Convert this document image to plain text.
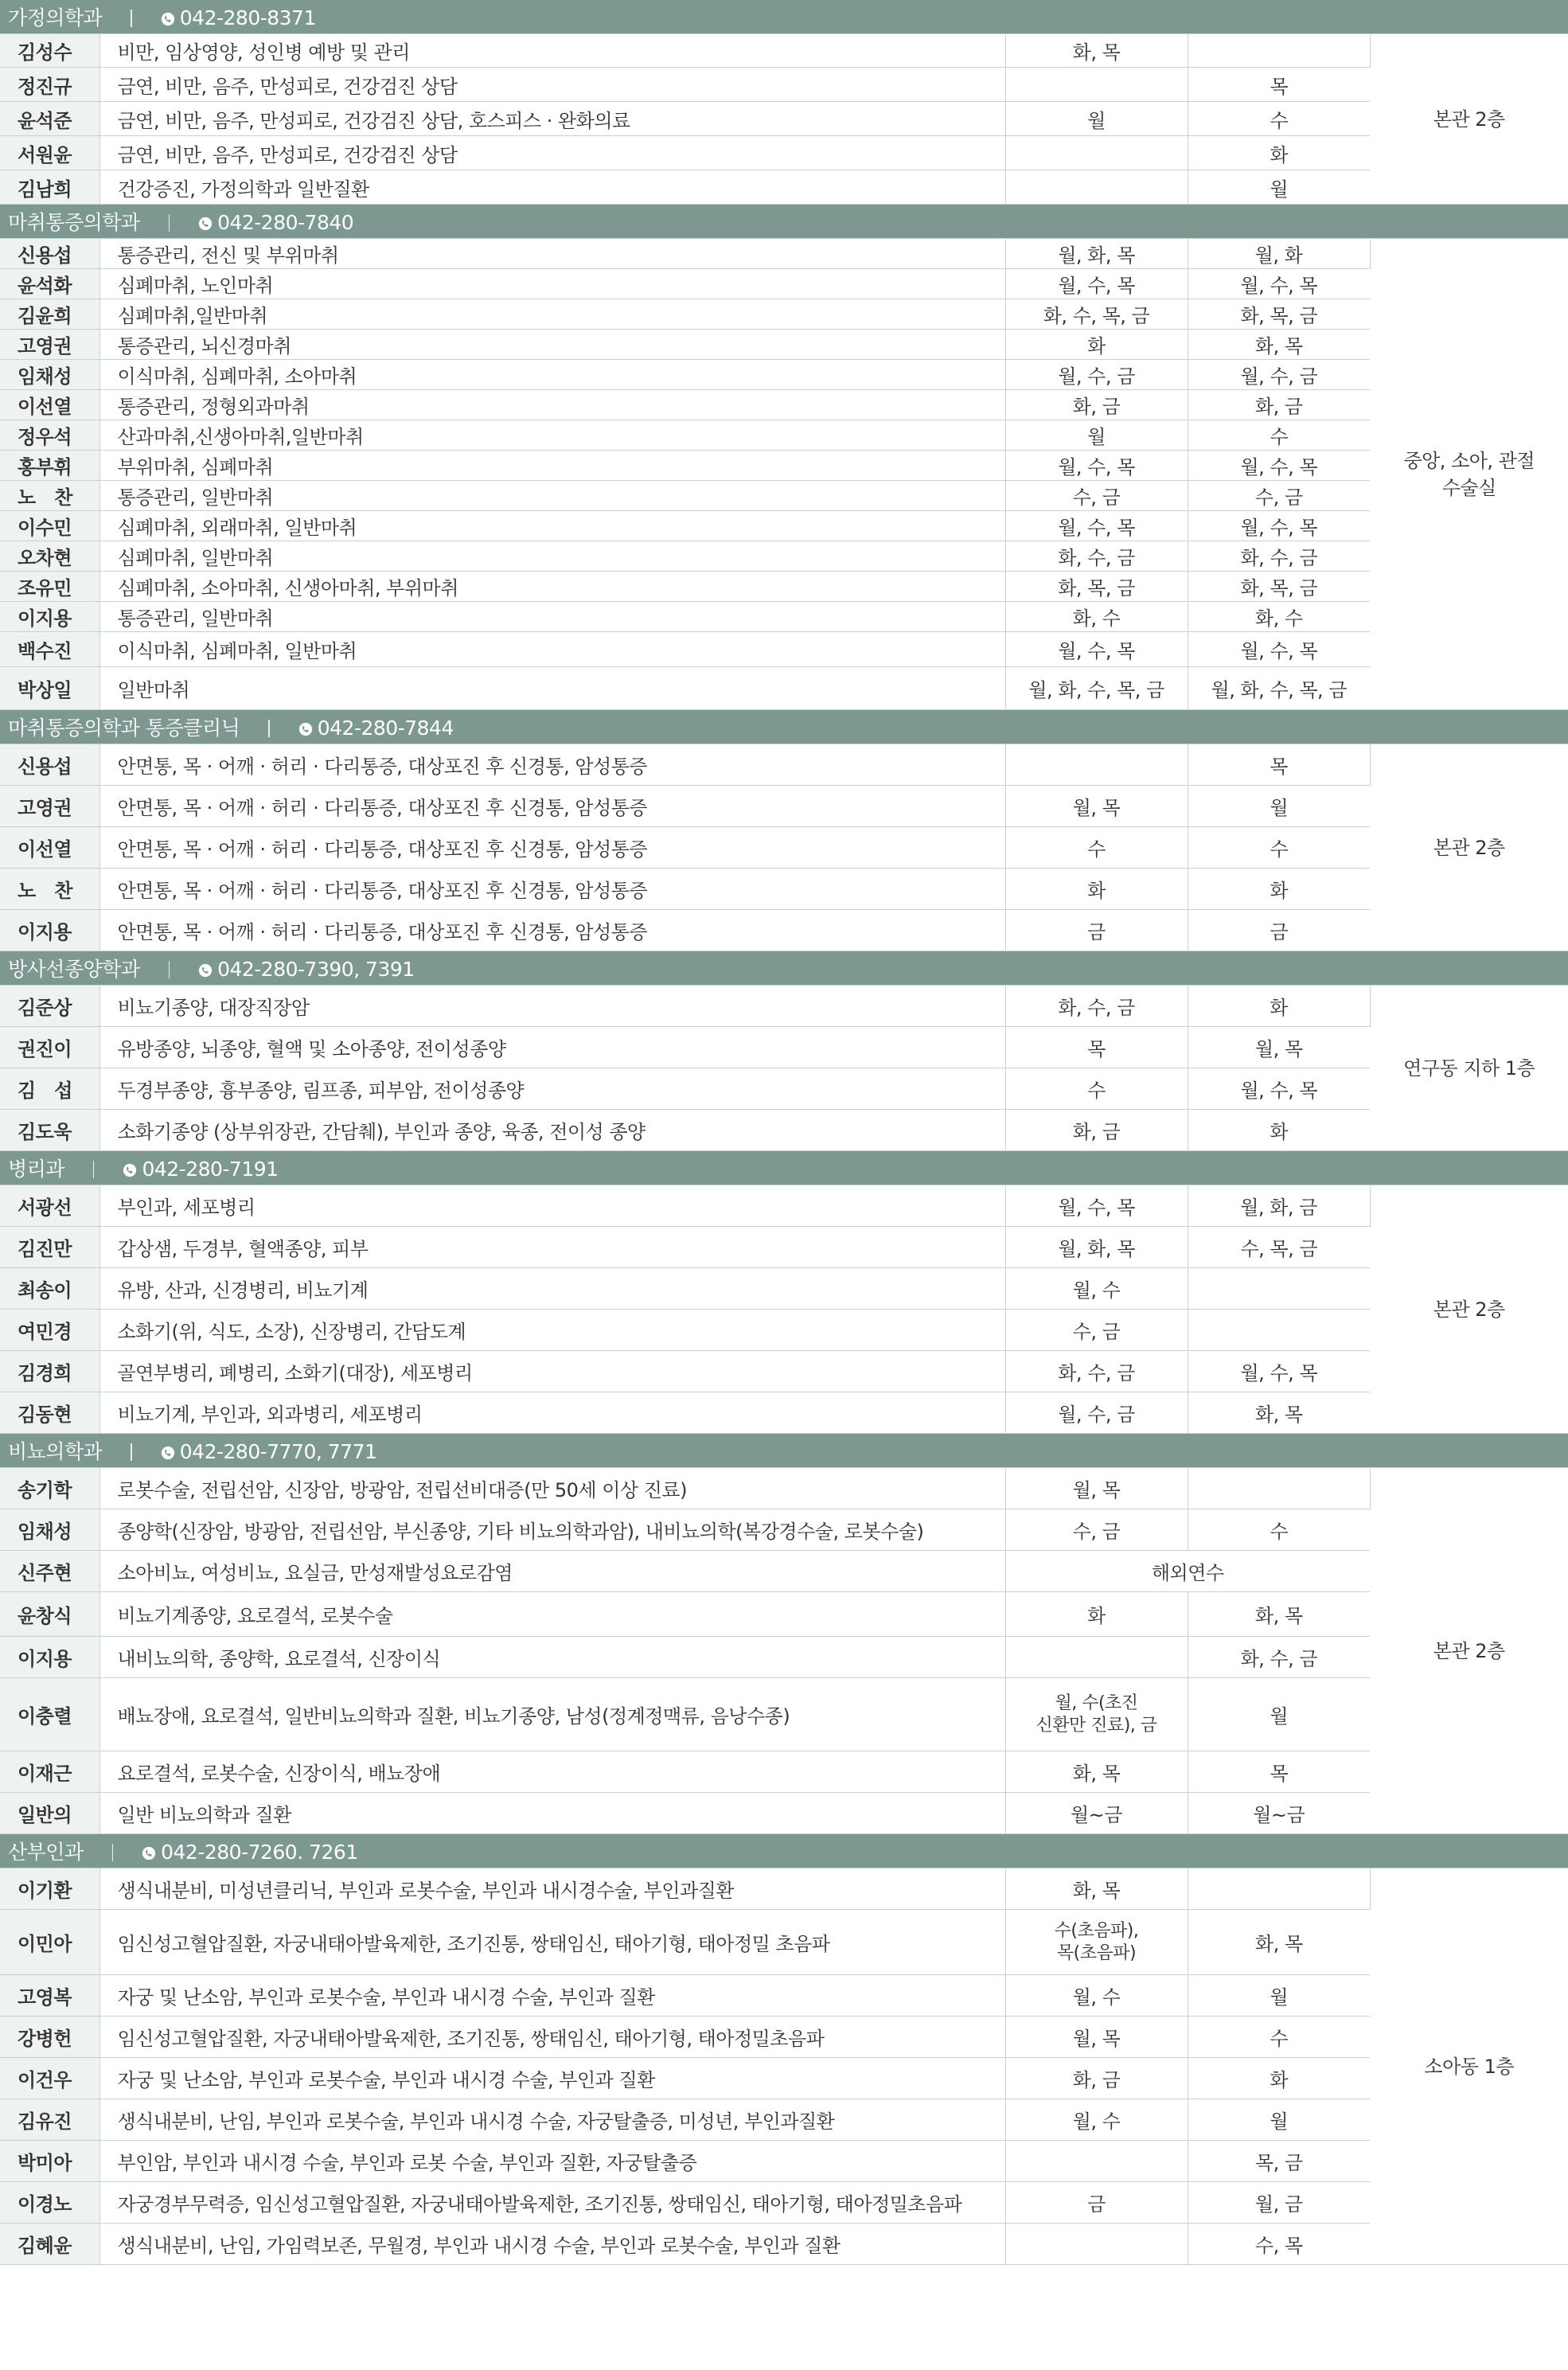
가정의학과 042-280-8371				
김성수	비만, 임상영양, 성인병 예방 및 관리	화, 목		본관 2층
정진규	금연, 비만, 음주, 만성피로, 건강검진 상담		목	
윤석준	금연, 비만, 음주, 만성피로, 건강검진 상담, 호스피스 · 완화의료	월	수	
서원윤	금연, 비만, 음주, 만성피로, 건강검진 상담		화	
김남희	건강증진, 가정의학과 일반질환		월	
마취통증의학과 042-280-7840				
신용섭	통증관리, 전신 및 부위마취	월, 화, 목	월, 화	중앙, 소아, 관절 수술실
윤석화	심폐마취, 노인마취	월, 수, 목	월, 수, 목	
김윤희	심폐마취,일반마취	화, 수, 목, 금	화, 목, 금	
고영권	통증관리, 뇌신경마취	화	화, 목	
임채성	이식마취, 심폐마취, 소아마취	월, 수, 금	월, 수, 금	
이선열	통증관리, 정형외과마취	화, 금	화, 금	
정우석	산과마취,신생아마취,일반마취	월	수	
홍부휘	부위마취, 심폐마취	월, 수, 목	월, 수, 목	
노   찬	통증관리, 일반마취	수, 금	수, 금	
이수민	심폐마취, 외래마취, 일반마취	월, 수, 목	월, 수, 목	
오차현	심폐마취, 일반마취	화, 수, 금	화, 수, 금	
조유민	심폐마취, 소아마취, 신생아마취, 부위마취	화, 목, 금	화, 목, 금	
이지용	통증관리, 일반마취	화, 수	화, 수	
백수진	이식마취, 심폐마취, 일반마취	월, 수, 목	월, 수, 목	
박상일	일반마취	월, 화, 수, 목, 금	월, 화, 수, 목, 금	
마취통증의학과 통증클리닉 042-280-7844				
신용섭	안면통, 목 · 어깨 · 허리 · 다리통증, 대상포진 후 신경통, 암성통증		목	본관 2층
고영권	안면통, 목 · 어깨 · 허리 · 다리통증, 대상포진 후 신경통, 암성통증	월, 목	월	
이선열	안면통, 목 · 어깨 · 허리 · 다리통증, 대상포진 후 신경통, 암성통증	수	수	
노   찬	안면통, 목 · 어깨 · 허리 · 다리통증, 대상포진 후 신경통, 암성통증	화	화	
이지용	안면통, 목 · 어깨 · 허리 · 다리통증, 대상포진 후 신경통, 암성통증	금	금	
방사선종양학과 042-280-7390, 7391				
김준상	비뇨기종양, 대장직장암	화, 수, 금	화	연구동 지하 1층
권진이	유방종양, 뇌종양, 혈액 및 소아종양, 전이성종양	목	월, 목	
김   섭	두경부종양, 흉부종양, 림프종, 피부암, 전이성종양	수	월, 수, 목	
김도욱	소화기종양 (상부위장관, 간담췌), 부인과 종양, 육종, 전이성 종양	화, 금	화	
병리과 042-280-7191				
서광선	부인과, 세포병리	월, 수, 목	월, 화, 금	본관 2층
김진만	갑상샘, 두경부, 혈액종양, 피부	월, 화, 목	수, 목, 금	
최송이	유방, 산과, 신경병리, 비뇨기계	월, 수		
여민경	소화기(위, 식도, 소장), 신장병리, 간담도계	수, 금		
김경희	골연부병리, 폐병리, 소화기(대장), 세포병리	화, 수, 금	월, 수, 목	
김동현	비뇨기계, 부인과, 외과병리, 세포병리	월, 수, 금	화, 목	
비뇨의학과 042-280-7770, 7771				
송기학	로봇수술, 전립선암, 신장암, 방광암, 전립선비대증(만 50세 이상 진료)	월, 목		본관 2층
임채성	종양학(신장암, 방광암, 전립선암, 부신종양, 기타 비뇨의학과암), 내비뇨의학(복강경수술, 로봇수술)	수, 금	수	
신주현	소아비뇨, 여성비뇨, 요실금, 만성재발성요로감염	해외연수		
윤창식	비뇨기계종양, 요로결석, 로봇수술	화	화, 목	
이지용	내비뇨의학, 종양학, 요로결석, 신장이식		화, 수, 금	
이충렬	배뇨장애, 요로결석, 일반비뇨의학과 질환, 비뇨기종양, 남성(정계정맥류, 음낭수종)	월, 수(초진
신환만 진료), 금	월	
이재근	요로결석, 로봇수술, 신장이식, 배뇨장애	화, 목	목	
일반의	일반 비뇨의학과 질환	월~금	월~금	
산부인과 042-280-7260. 7261				
이기환	생식내분비, 미성년클리닉, 부인과 로봇수술, 부인과 내시경수술, 부인과질환	화, 목		소아동 1층
이민아	임신성고혈압질환, 자궁내태아발육제한, 조기진통, 쌍태임신, 태아기형, 태아정밀 초음파	수(초음파),
목(초음파)	화, 목	
고영복	자궁 및 난소암, 부인과 로봇수술, 부인과 내시경 수술, 부인과 질환	월, 수	월	
강병헌	임신성고혈압질환, 자궁내태아발육제한, 조기진통, 쌍태임신, 태아기형, 태아정밀초음파	월, 목	수	
이건우	자궁 및 난소암, 부인과 로봇수술, 부인과 내시경 수술, 부인과 질환	화, 금	화	
김유진	생식내분비, 난임, 부인과 로봇수술, 부인과 내시경 수술, 자궁탈출증, 미성년, 부인과질환	월, 수	월	
박미아	부인암, 부인과 내시경 수술, 부인과 로봇 수술, 부인과 질환, 자궁탈출증		목, 금	
이경노	자궁경부무력증, 임신성고혈압질환, 자궁내태아발육제한, 조기진통, 쌍태임신, 태아기형, 태아정밀초음파	금	월, 금	
김혜윤	생식내분비, 난임, 가임력보존, 무월경, 부인과 내시경 수술, 부인과 로봇수술, 부인과 질환		수, 목	
